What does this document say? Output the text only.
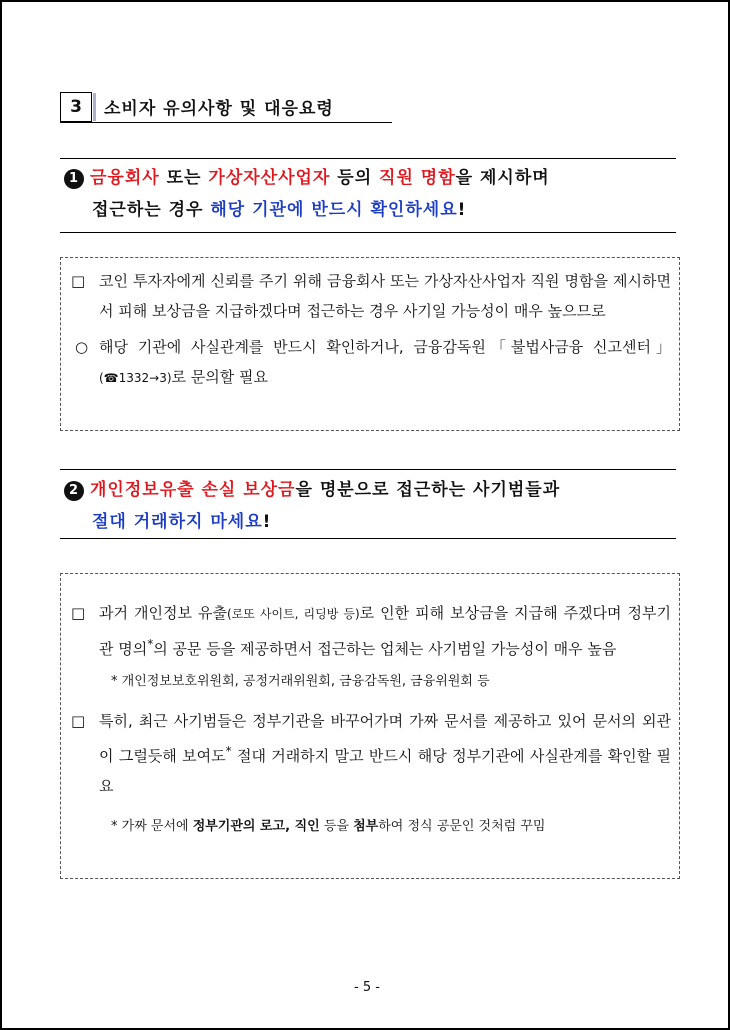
3	소비자 유의사항 및 대응요령
1 금융회사 또는 가상자산사업자 등의 직원 명함을 제시하며
접근하는 경우 해당 기관에 반드시 확인하세요!
□ 코인 투자자에게 신뢰를 주기 위해 금융회사 또는 가상자산사업자 직원 명함을 제시하면서 피해 보상금을 지급하겠다며 접근하는 경우 사기일 가능성이 매우 높으므로
○ 해당 기관에 사실관계를 반드시 확인하거나, 금융감독원「불법사금융 신고센터」(☎1332→3)로 문의할 필요
2 개인정보유출 손실 보상금을 명분으로 접근하는 사기범들과
절대 거래하지 마세요!
□ 과거 개인정보 유출(로또 사이트, 리딩방 등)로 인한 피해 보상금을 지급해 주겠다며 정부기관 명의*의 공문 등을 제공하면서 접근하는 업체는 사기범일 가능성이 매우 높음
* 개인정보보호위원회, 공정거래위원회, 금융감독원, 금융위원회 등
□ 특히, 최근 사기범들은 정부기관을 바꾸어가며 가짜 문서를 제공하고 있어 문서의 외관이 그럴듯해 보여도* 절대 거래하지 말고 반드시 해당 정부기관에 사실관계를 확인할 필요
* 가짜 문서에 정부기관의 로고, 직인 등을 첨부하여 정식 공문인 것처럼 꾸밈
- 5 -
